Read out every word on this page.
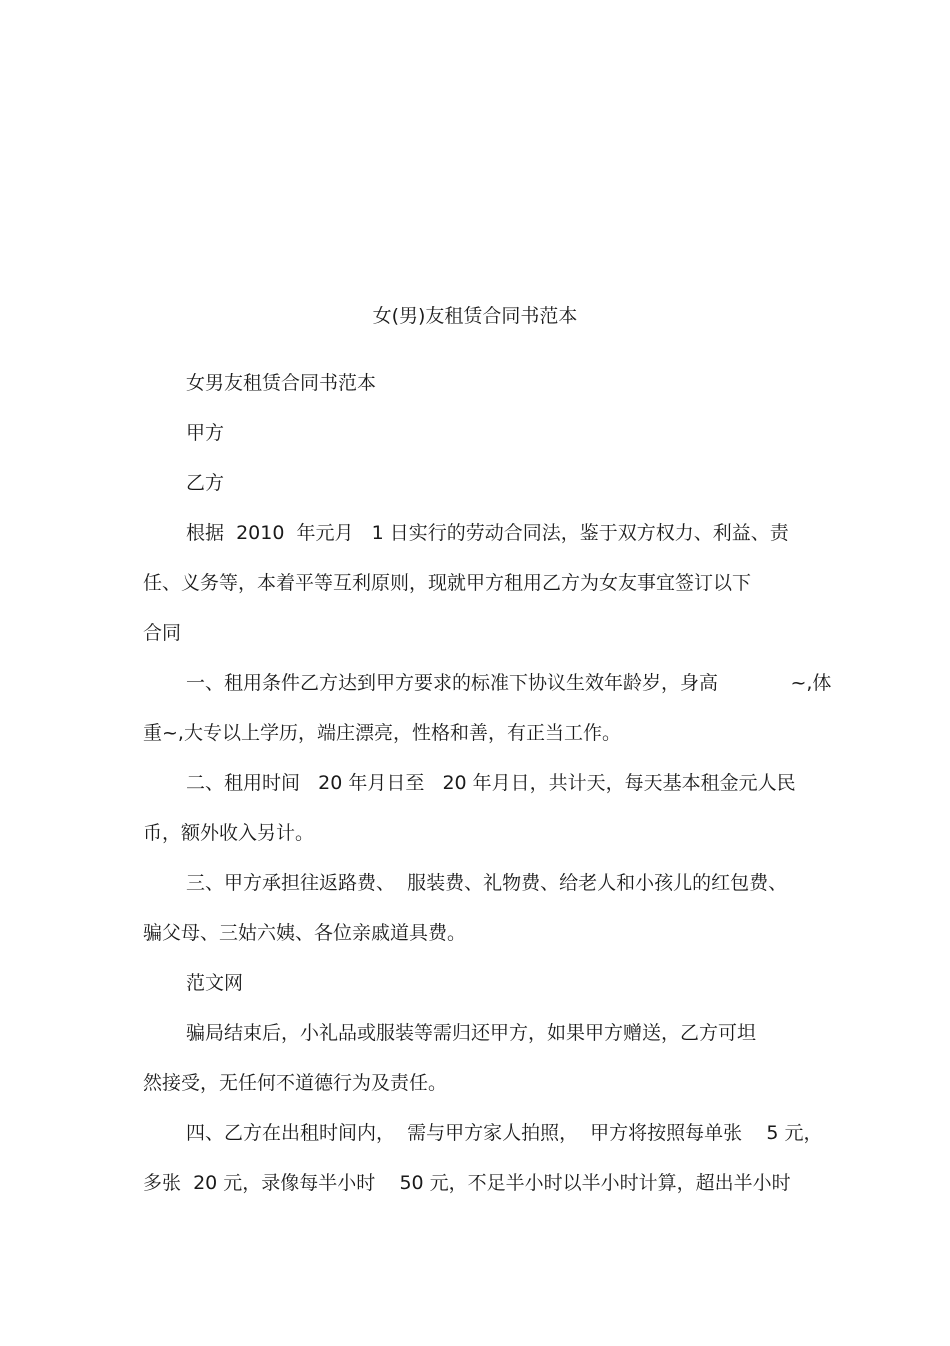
女(男)友租赁合同书范本
女男友租赁合同书范本
甲方
乙方
根据  2010  年元月   1 日实行的劳动合同法，鉴于双方权力、利益、责
任、义务等，本着平等互利原则，现就甲方租用乙方为女友事宜签订以下
合同
一、租用条件乙方达到甲方要求的标准下协议生效年龄岁，身高            ~,体
重~,大专以上学历，端庄漂亮，性格和善，有正当工作。
二、租用时间   20 年月日至   20 年月日，共计天，每天基本租金元人民
币，额外收入另计。
三、甲方承担往返路费、  服装费、礼物费、给老人和小孩儿的红包费、
骗父母、三姑六姨、各位亲戚道具费。
范文网
骗局结束后，小礼品或服装等需归还甲方，如果甲方赠送，乙方可坦
然接受，无任何不道德行为及责任。
四、乙方在出租时间内，  需与甲方家人拍照，  甲方将按照每单张    5 元，
多张  20 元，录像每半小时    50 元，不足半小时以半小时计算，超出半小时
